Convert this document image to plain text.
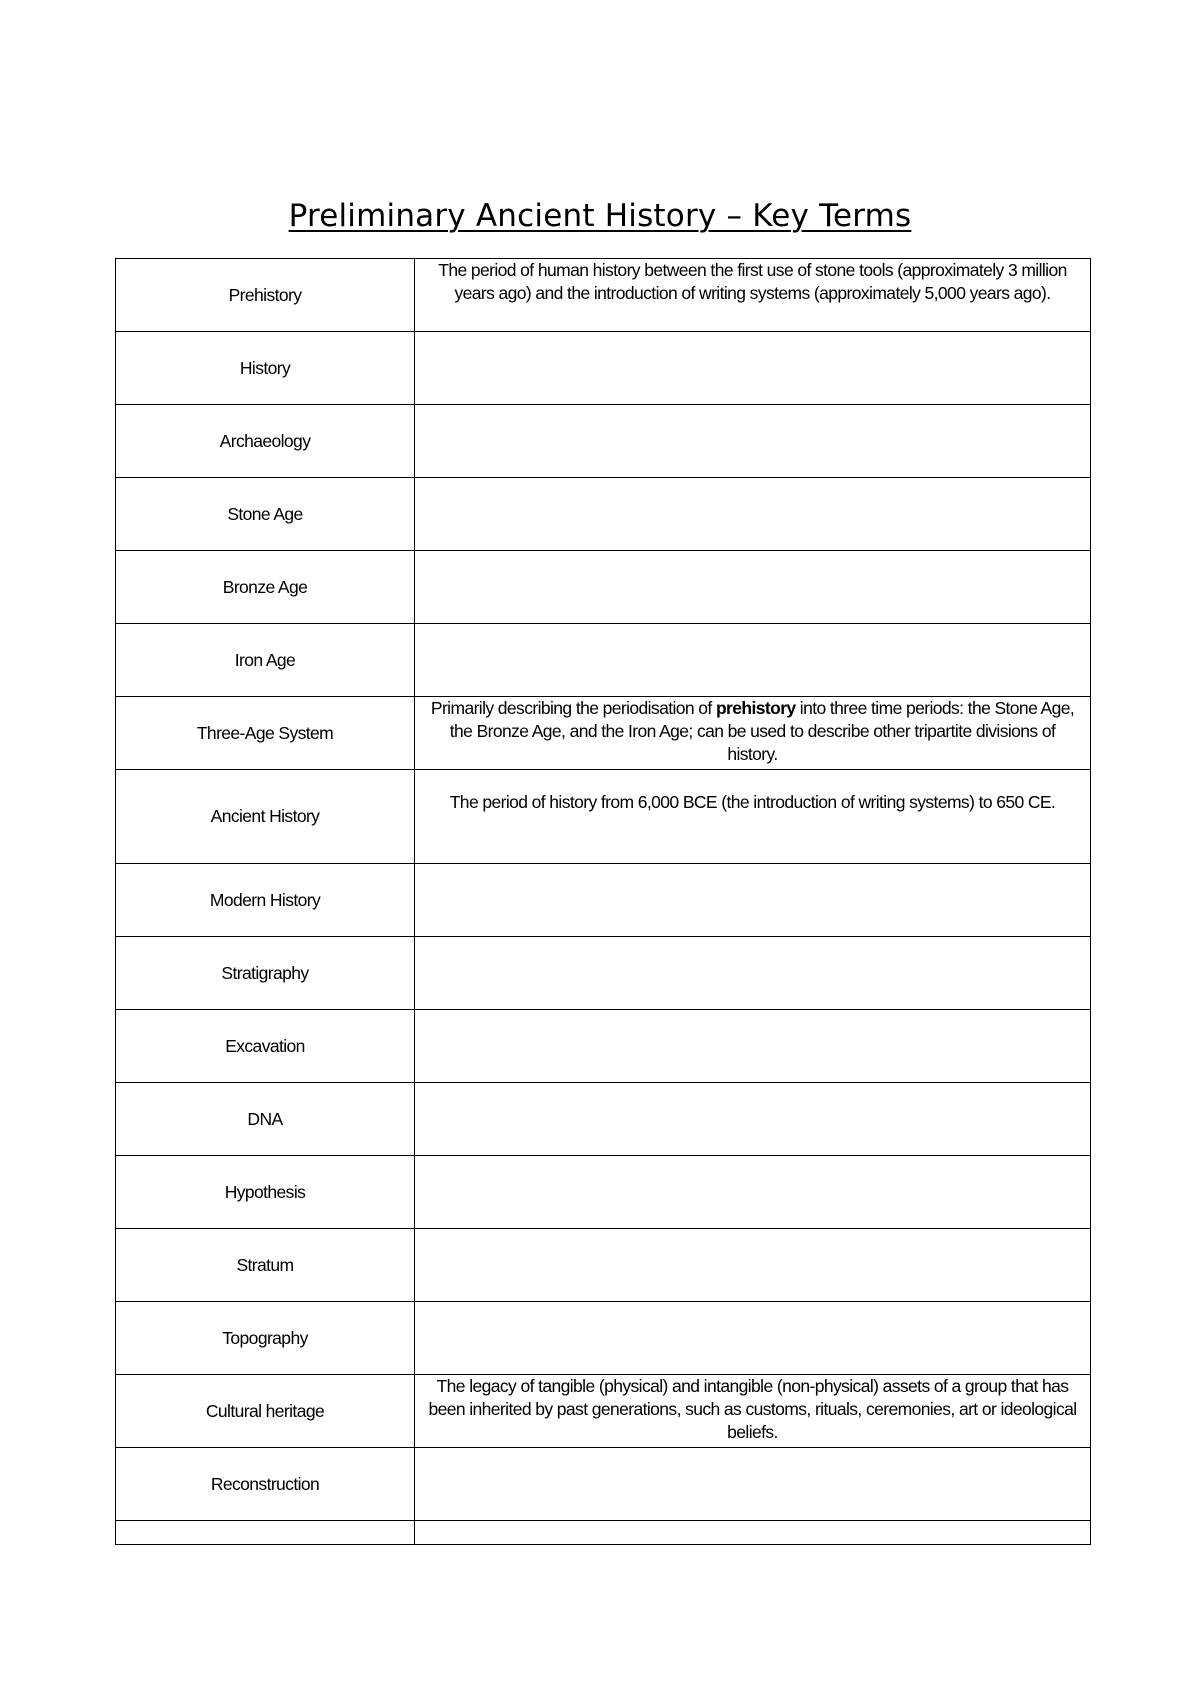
Preliminary Ancient History – Key Terms
Prehistory	The period of human history between the first use of stone tools (approximately 3 million years ago) and the introduction of writing systems (approximately 5,000 years ago).
History	
Archaeology	
Stone Age	
Bronze Age	
Iron Age	
Three-Age System	Primarily describing the periodisation of prehistory into three time periods: the Stone Age, the Bronze Age, and the Iron Age; can be used to describe other tripartite divisions of history.
Ancient History	The period of history from 6,000 BCE (the introduction of writing systems) to 650 CE.
Modern History	
Stratigraphy	
Excavation	
DNA	
Hypothesis	
Stratum	
Topography	
Cultural heritage	The legacy of tangible (physical) and intangible (non-physical) assets of a group that has been inherited by past generations, such as customs, rituals, ceremonies, art or ideological beliefs.
Reconstruction	
